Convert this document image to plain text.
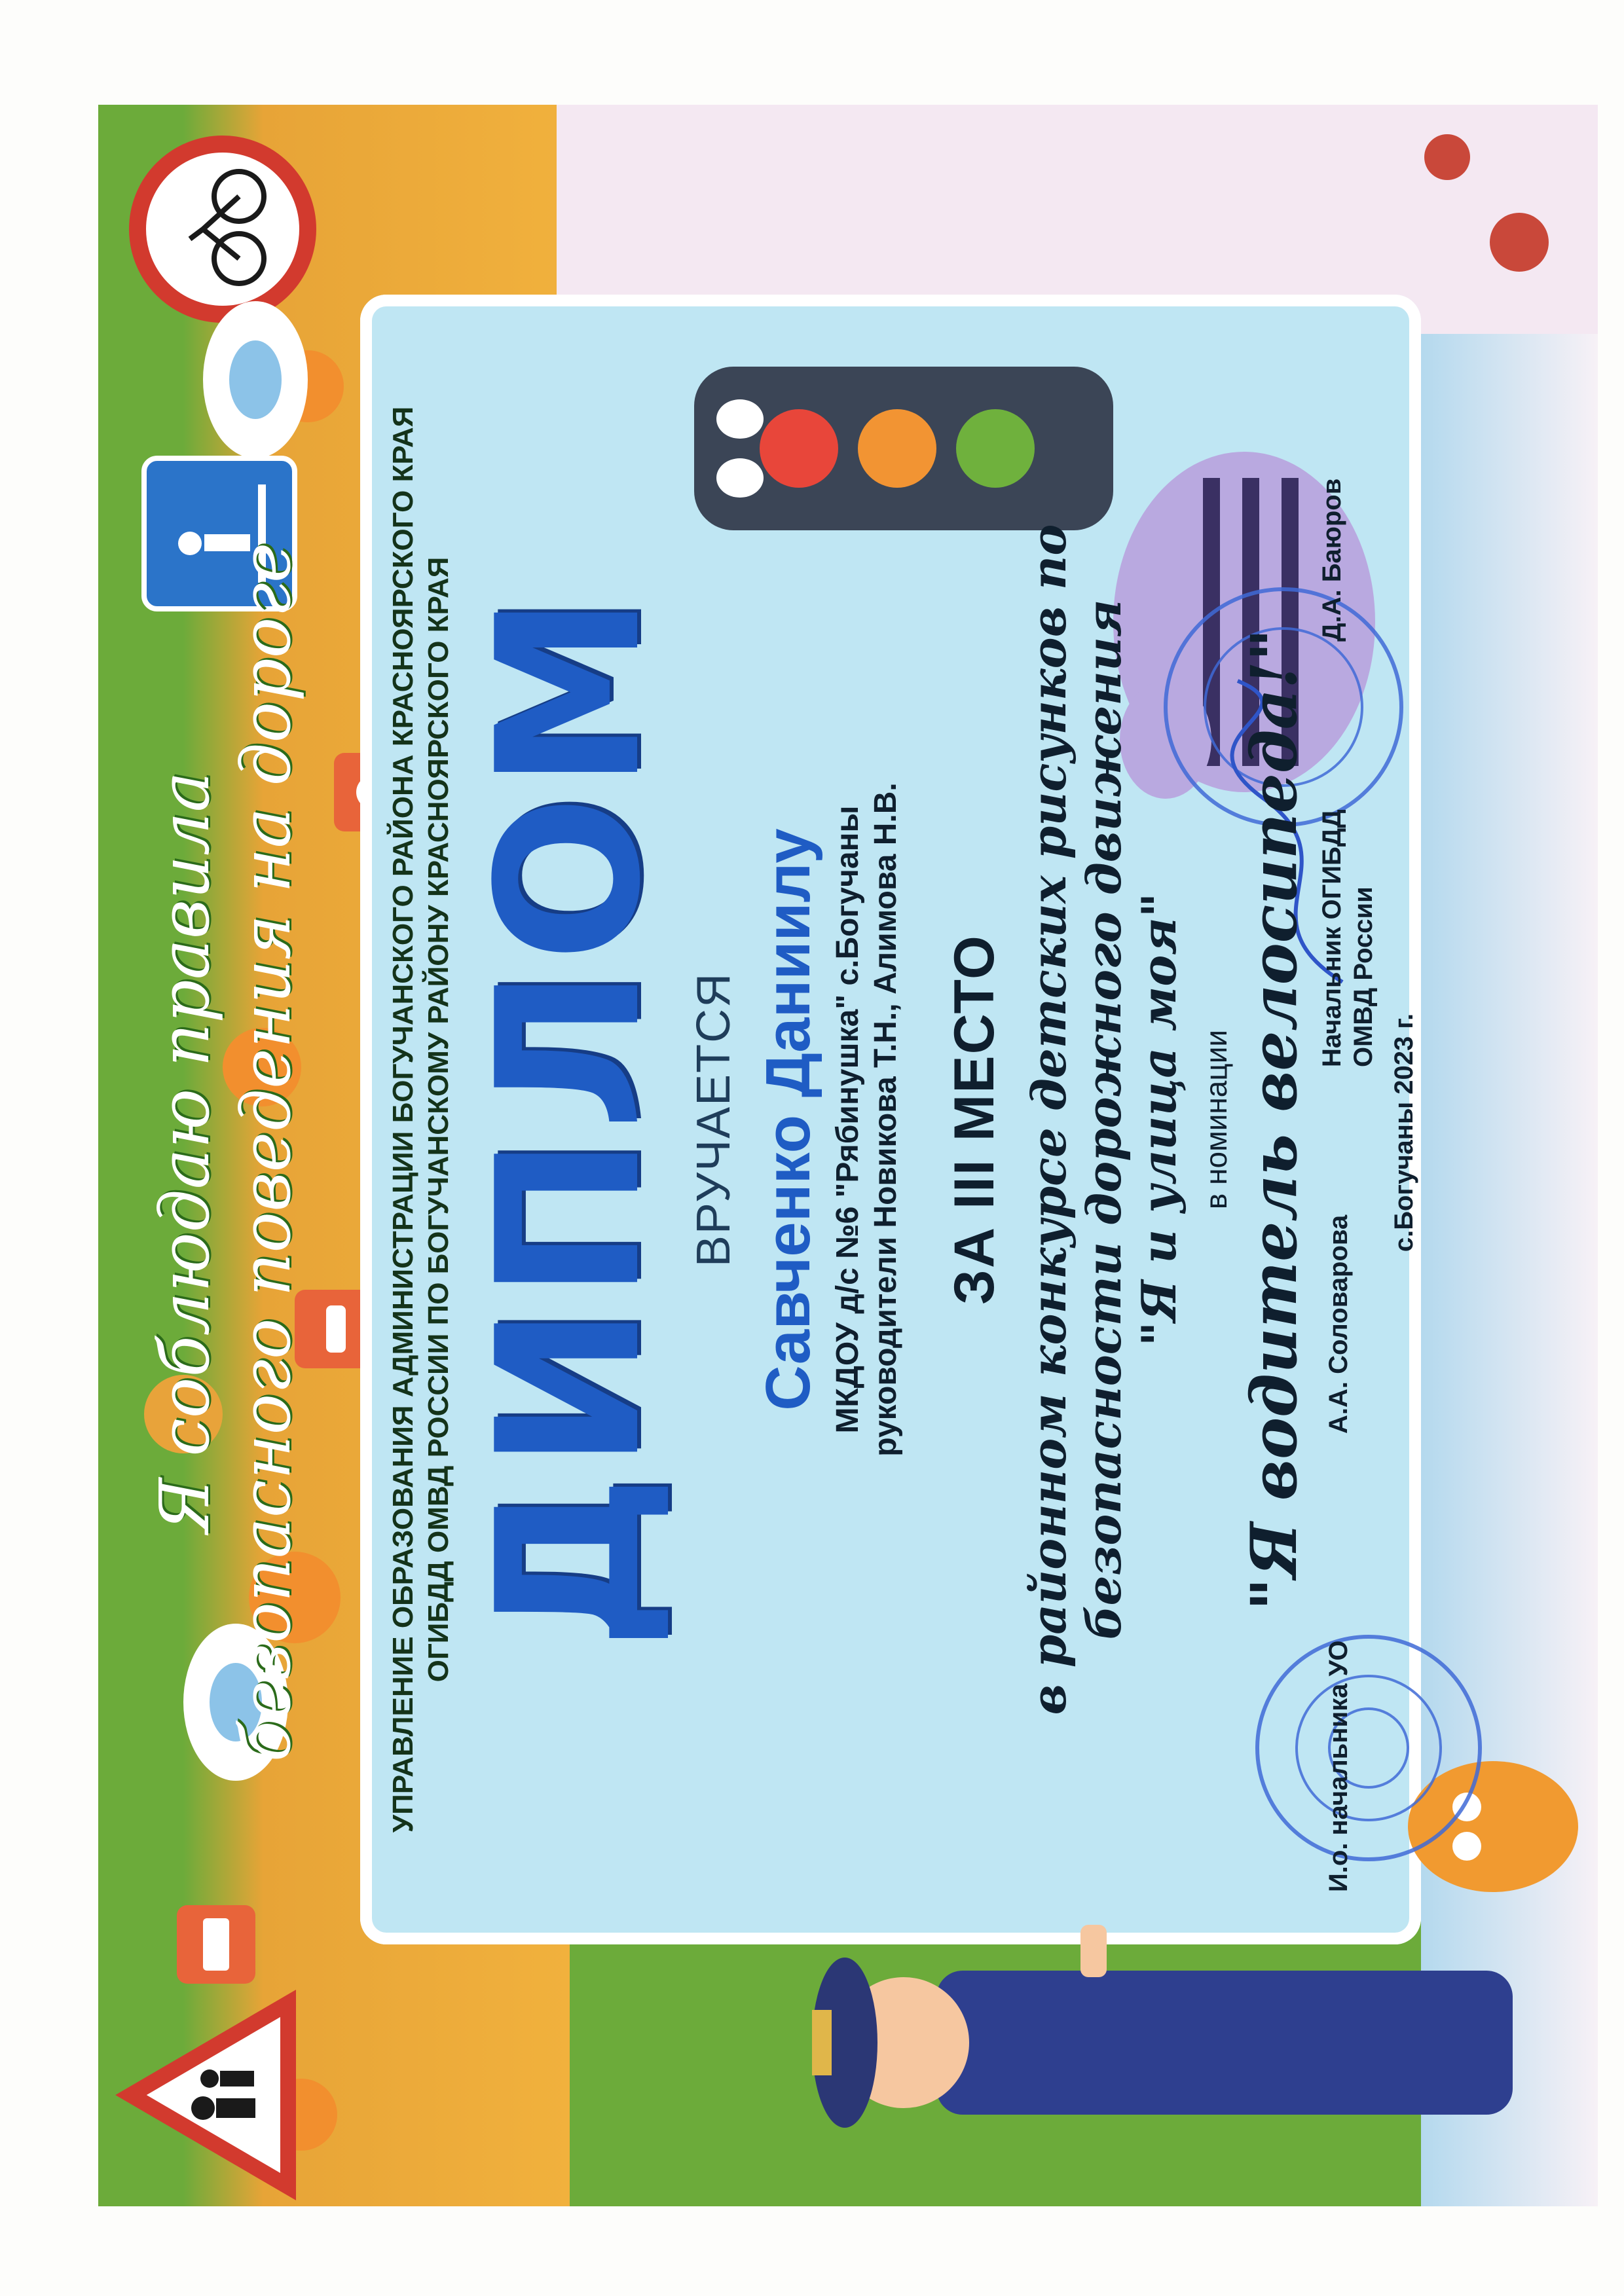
Я соблюдаю правила безопасного поведения на дороге	УПРАВЛЕНИЕ ОБРАЗОВАНИЯ АДМИНИСТРАЦИИ БОГУЧАНСКОГО РАЙОНА КРАСНОЯРСКОГО КРАЯ ОГИБДД ОМВД РОССИИ ПО БОГУЧАНСКОМУ РАЙОНУ КРАСНОЯРСКОГО КРАЯ ДИПЛОМ ВРУЧАЕТСЯ Савченко Даниилу МКДОУ д/с №6 "Рябинушка" с.Богучаны руководители Новикова Т.Н., Алимова Н.В. ЗА III МЕСТО в районном конкурсе детских рисунков по безопасности дорожного движения "Я и улица моя" в номинации "Я водитель велосипеда!"
И.о. начальника УО
А.А. Соловарова
Начальник ОГИБДД ОМВД России
Д.А. Баюров
с.Богучаны 2023 г.
